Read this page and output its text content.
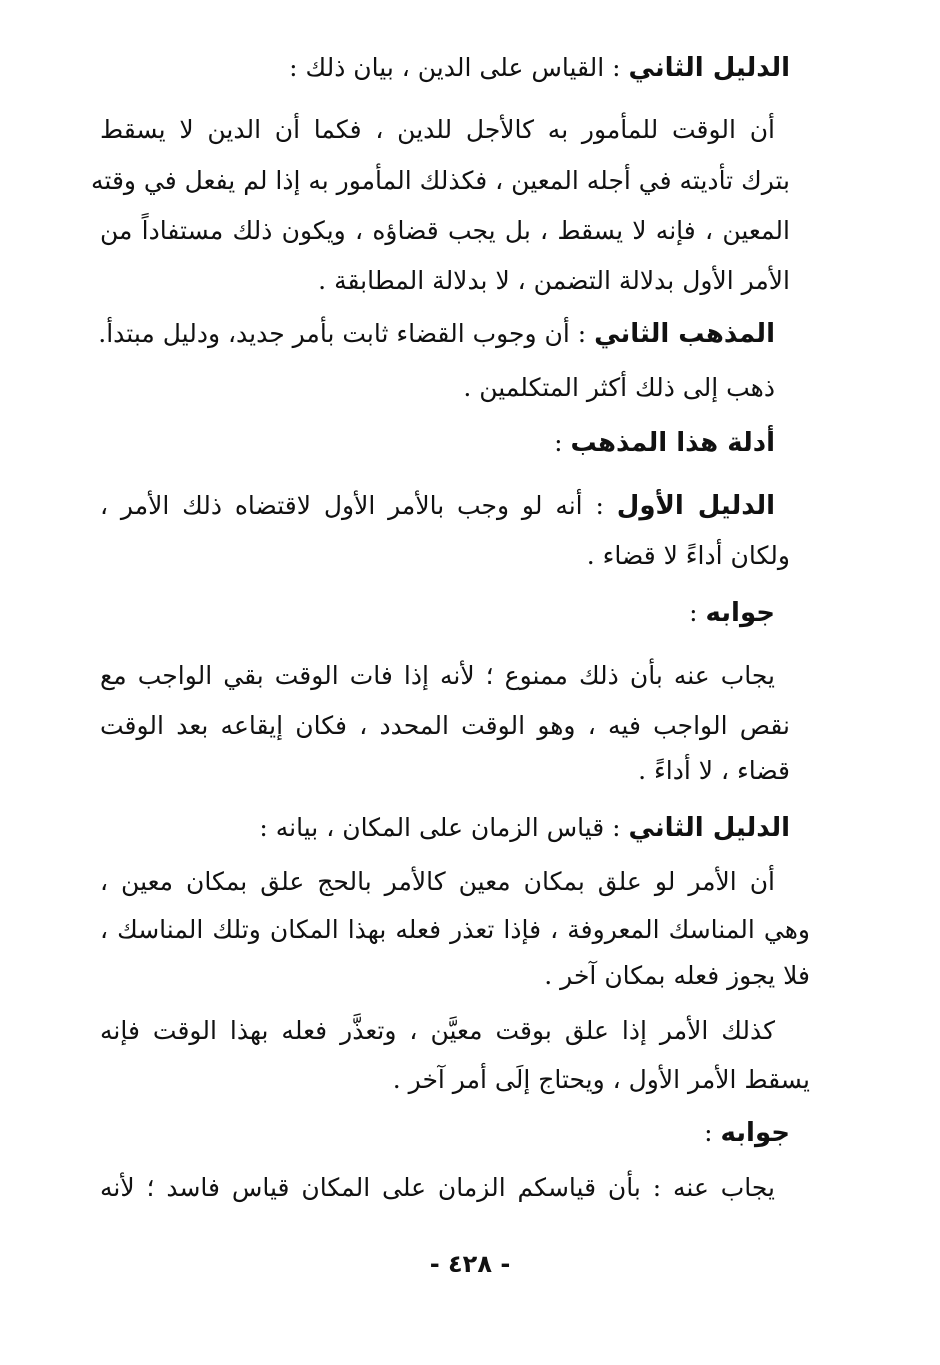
الدليل الثاني : القياس على الدين ، بيان ذلك :
أن الوقت للمأمور به كالأجل للدين ، فكما أن الدين لا يسقط
بترك تأديته في أجله المعين ، فكذلك المأمور به إذا لم يفعل في وقته
المعين ، فإنه لا يسقط ، بل يجب قضاؤه ، ويكون ذلك مستفاداً من
الأمر الأول بدلالة التضمن ، لا بدلالة المطابقة .
المذهب الثاني : أن وجوب القضاء ثابت بأمر جديد، ودليل مبتدأ.
ذهب إلى ذلك أكثر المتكلمين .
أدلة هذا المذهب :
الدليل الأول : أنه لو وجب بالأمر الأول لاقتضاه ذلك الأمر ،
ولكان أداءً لا قضاء .
جوابه :
يجاب عنه بأن ذلك ممنوع ؛ لأنه إذا فات الوقت بقي الواجب مع
نقص الواجب فيه ، وهو الوقت المحدد ، فكان إيقاعه بعد الوقت
قضاء ، لا أداءً .
الدليل الثاني : قياس الزمان على المكان ، بيانه :
أن الأمر لو علق بمكان معين كالأمر بالحج علق بمكان معين ،
وهي المناسك المعروفة ، فإذا تعذر فعله بهذا المكان وتلك المناسك ،
فلا يجوز فعله بمكان آخر .
كذلك الأمر إذا علق بوقت معيَّن ، وتعذَّر فعله بهذا الوقت فإنه
يسقط الأمر الأول ، ويحتاج إلَى أمر آخر .
جوابه :
يجاب عنه : بأن قياسكم الزمان على المكان قياس فاسد ؛ لأنه
- ٤٢٨ -
